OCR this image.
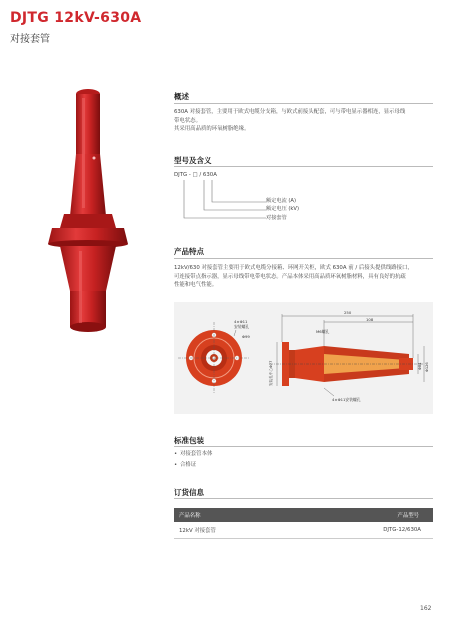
DJTG 12kV-630A
对接套管
概述
630A 对接套管，主要用于欧式电缆分支箱，与欧式前接头配套，可与带电显示器相连，显示母线
带电状态。
其采用高品质的环氧树脂绝缘。
型号及含义
DJTG - □ / 630A
额定电流 (A)
额定电压 (kV)
对接套管
产品特点
12kV/630 对接套管主要用于欧式电缆分接箱、环网开关柜，欧式 630A 前 / 后接头提供线路接口，
可连接带点指示器，显示母线带电带电状态。产品本体采用高品质环氧树脂材料，具有良好的抗疏
性能和电气性能。
4×Φ11
安装螺孔
Φ99
250
108
M6螺孔
安装孔中心Φ77	Φ84 Φ126
4×Φ11安装螺孔
标准包装
• 对接套管本体
• 合格证
订货信息
产品名称	产品型号
12kV 对接套管	DJTG-12/630A
162
